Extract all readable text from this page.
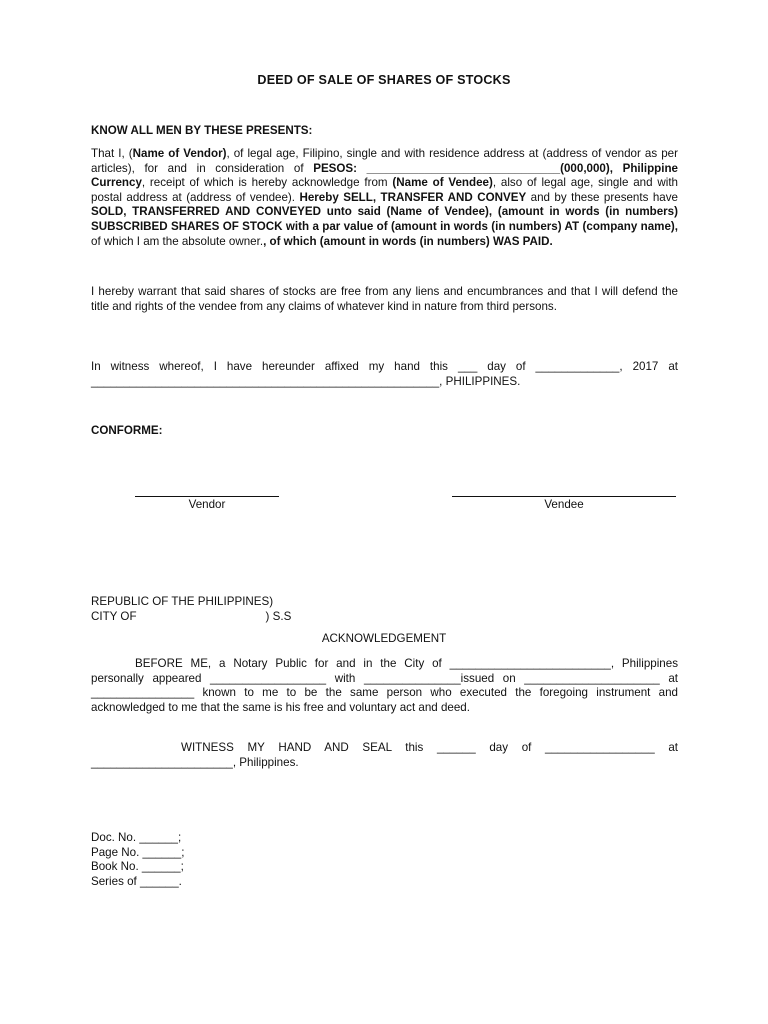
DEED OF SALE OF SHARES OF STOCKS
KNOW ALL MEN BY THESE PRESENTS:

That I, (Name of Vendor), of legal age, Filipino, single and with residence address at (address of vendor as per articles), for and in consideration of PESOS: ______________________________(000,000), Philippine Currency, receipt of which is hereby acknowledge from (Name of Vendee), also of legal age, single and with postal address at (address of vendee). Hereby SELL, TRANSFER AND CONVEY and by these presents have SOLD, TRANSFERRED AND CONVEYED unto said (Name of Vendee), (amount in words (in numbers) SUBSCRIBED SHARES OF STOCK with a par value of (amount in words (in numbers) AT (company name), of which I am the absolute owner., of which (amount in words (in numbers) WAS PAID.

I hereby warrant that said shares of stocks are free from any liens and encumbrances and that I will defend the title and rights of the vendee from any claims of whatever kind in nature from third persons.

In witness whereof, I have hereunder affixed my hand this ___ day of _____________, 2017 at ______________________________________________________, PHILIPPINES.

CONFORME:
Vendor	Vendee
REPUBLIC OF THE PHILIPPINES)
CITY OF	) S.S
ACKNOWLEDGEMENT

BEFORE ME, a Notary Public for and in the City of _________________________, Philippines personally appeared __________________ with _______________issued on _____________________ at ________________ known to me to be the same person who executed the foregoing instrument and acknowledged to me that the same is his free and voluntary act and deed.

WITNESS MY HAND AND SEAL this ______ day of _________________ at ______________________, Philippines.

Doc. No. ______;
Page No. ______;
Book No. ______;
Series of ______.
